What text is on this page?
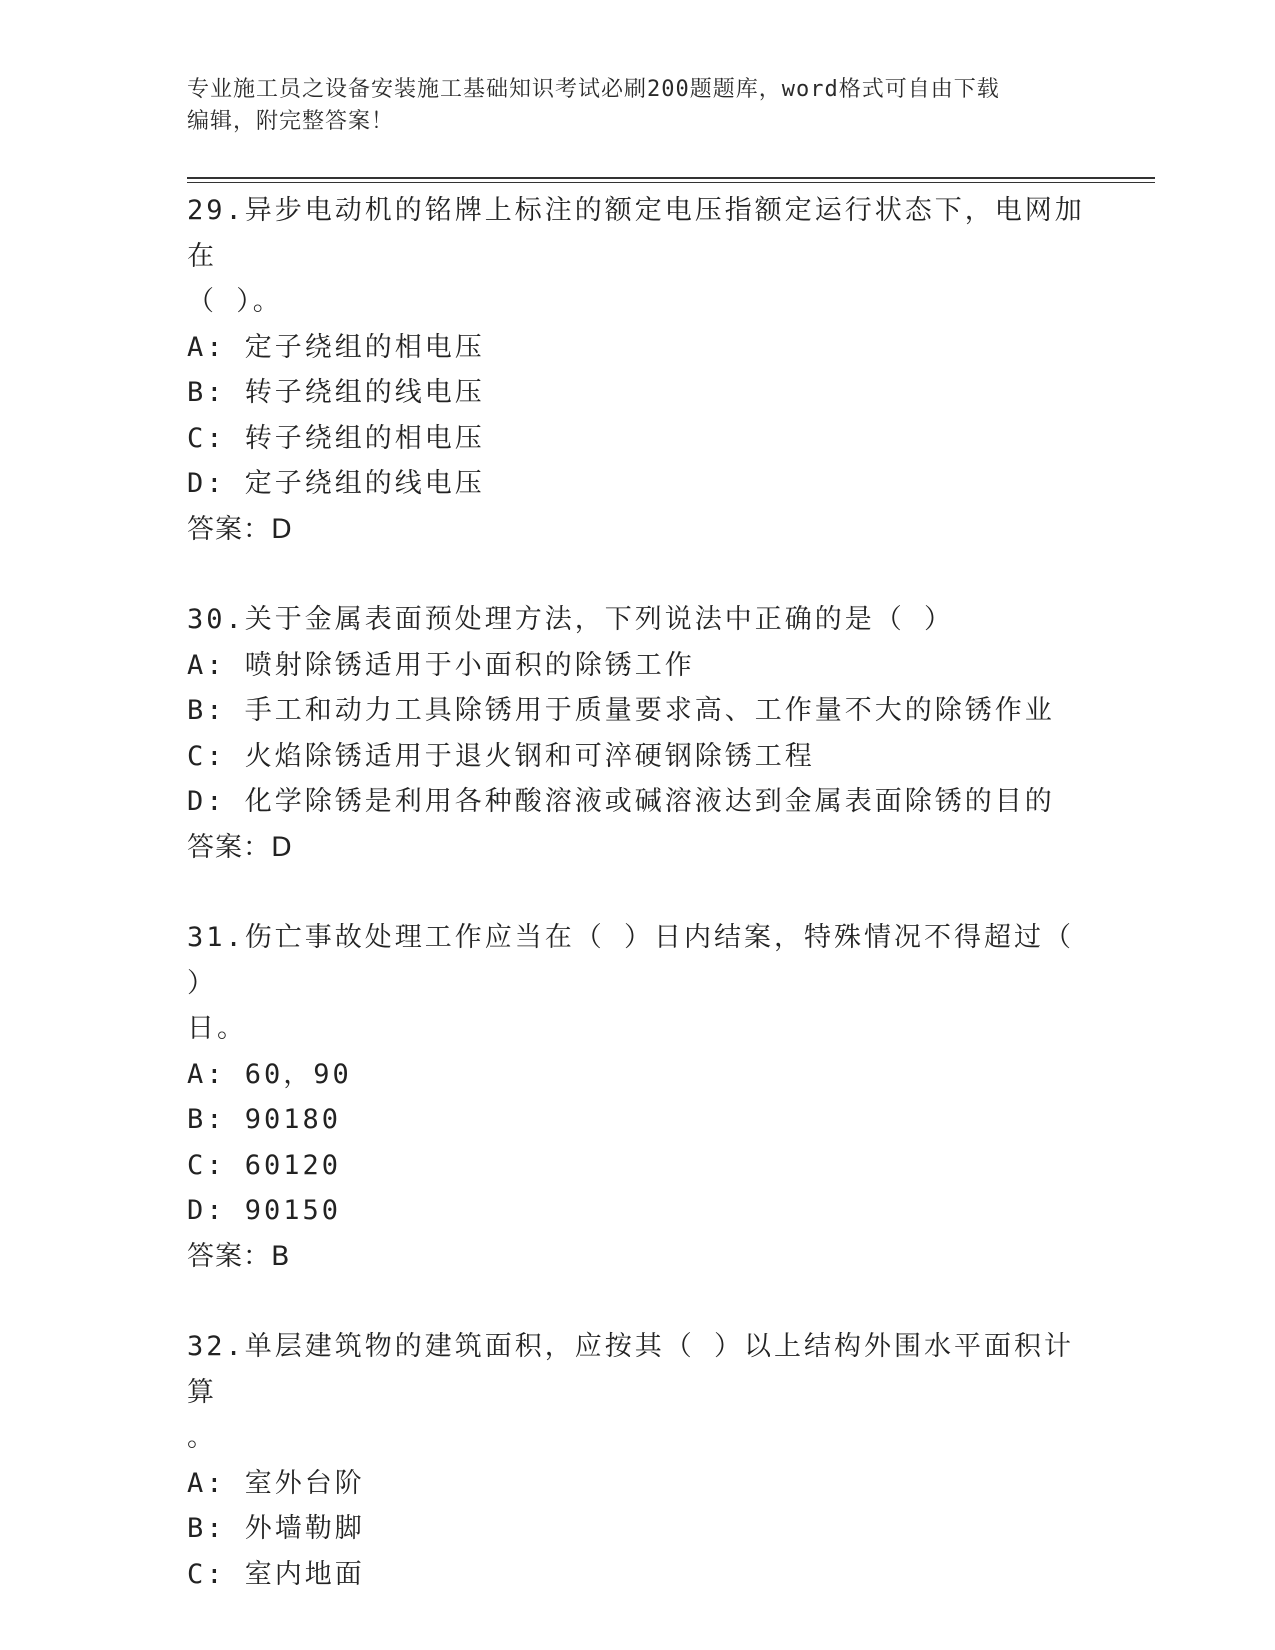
专业施工员之设备安装施工基础知识考试必刷200题题库，word格式可自由下载
编辑，附完整答案！

29.异步电动机的铭牌上标注的额定电压指额定运行状态下，电网加在

（ ）。

A: 定子绕组的相电压

B: 转子绕组的线电压

C: 转子绕组的相电压

D: 定子绕组的线电压

答案：D

30.关于金属表面预处理方法，下列说法中正确的是（ ）

A: 喷射除锈适用于小面积的除锈工作

B: 手工和动力工具除锈用于质量要求高、工作量不大的除锈作业

C: 火焰除锈适用于退火钢和可淬硬钢除锈工程

D: 化学除锈是利用各种酸溶液或碱溶液达到金属表面除锈的目的

答案：D

31.伤亡事故处理工作应当在（ ）日内结案，特殊情况不得超过（ ）

日。

A: 60，90

B: 90180

C: 60120

D: 90150

答案：B

32.单层建筑物的建筑面积，应按其（ ）以上结构外围水平面积计算

。

A: 室外台阶

B: 外墙勒脚

C: 室内地面
